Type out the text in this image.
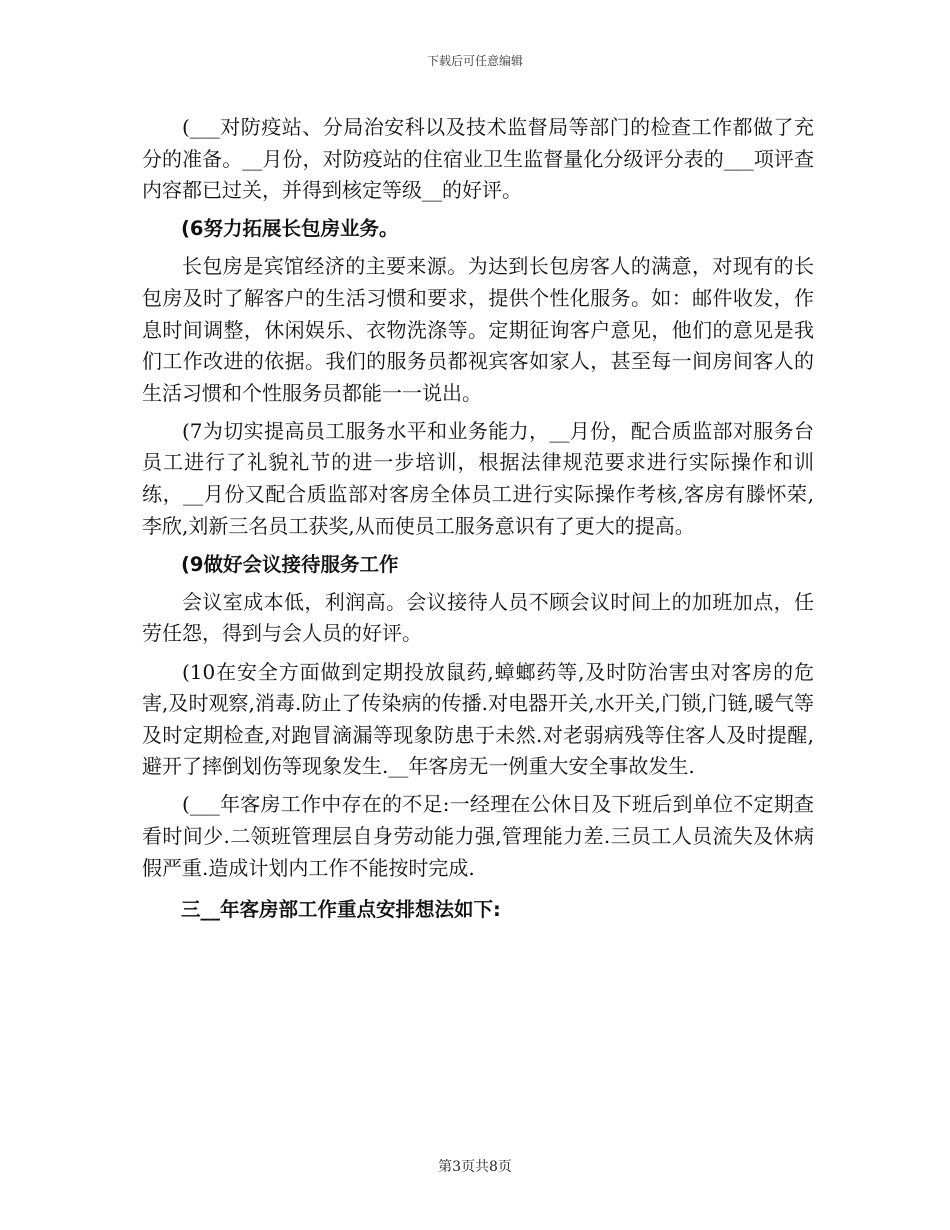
下载后可任意编辑

(___对防疫站、分局治安科以及技术监督局等部门的检查工作都做了充分的准备。__月份，对防疫站的住宿业卫生监督量化分级评分表的___项评查内容都已过关，并得到核定等级__的好评。

(6努力拓展长包房业务。

长包房是宾馆经济的主要来源。为达到长包房客人的满意，对现有的长包房及时了解客户的生活习惯和要求，提供个性化服务。如：邮件收发，作息时间调整，休闲娱乐、衣物洗涤等。定期征询客户意见，他们的意见是我们工作改进的依据。我们的服务员都视宾客如家人，甚至每一间房间客人的生活习惯和个性服务员都能一一说出。

(7为切实提高员工服务水平和业务能力，__月份，配合质监部对服务台员工进行了礼貌礼节的进一步培训，根据法律规范要求进行实际操作和训练，__月份又配合质监部对客房全体员工进行实际操作考核,客房有滕怀荣,李欣,刘新三名员工获奖,从而使员工服务意识有了更大的提高。

(9做好会议接待服务工作

会议室成本低，利润高。会议接待人员不顾会议时间上的加班加点，任劳任怨，得到与会人员的好评。

(10在安全方面做到定期投放鼠药,蟑螂药等,及时防治害虫对客房的危害,及时观察,消毒.防止了传染病的传播.对电器开关,水开关,门锁,门链,暖气等及时定期检查,对跑冒滴漏等现象防患于未然.对老弱病残等住客人及时提醒,避开了摔倒划伤等现象发生.__年客房无一例重大安全事故发生.

(___年客房工作中存在的不足:一经理在公休日及下班后到单位不定期查看时间少.二领班管理层自身劳动能力强,管理能力差.三员工人员流失及休病假严重.造成计划内工作不能按时完成.

三__年客房部工作重点安排想法如下:

第3页共8页
